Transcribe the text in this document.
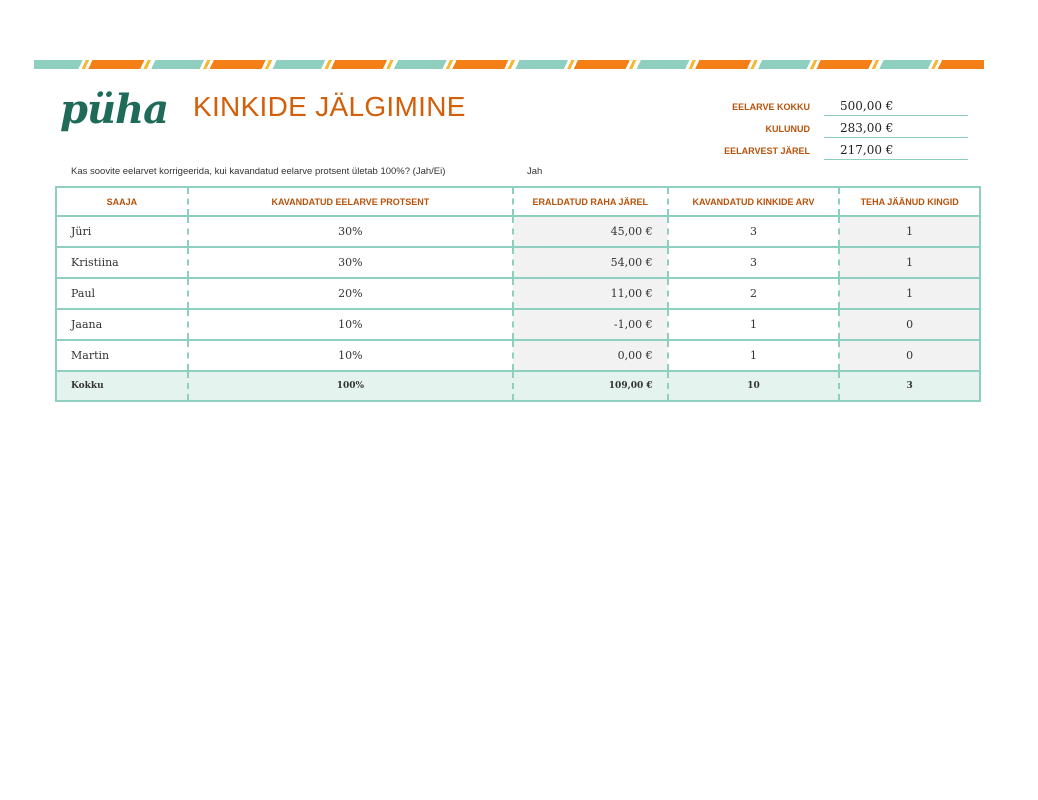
püha KINKIDE JÄLGIMINE	EELARVE KOKKU	500,00 €
KULUNUD	283,00 €
EELARVEST JÄREL	217,00 €
Kas soovite eelarvet korrigeerida, kui kavandatud eelarve protsent ületab 100%? (Jah/Ei)	Jah
SAAJA	KAVANDATUD EELARVE PROTSENT	ERALDATUD RAHA JÄREL	KAVANDATUD KINKIDE ARV	TEHA JÄÄNUD KINGID
Jüri	30%	45,00 €	3	1
Kristiina	30%	54,00 €	3	1
Paul	20%	11,00 €	2	1
Jaana	10%	-1,00 €	1	0
Martin	10%	0,00 €	1	0
Kokku	100%	109,00 €	10	3
